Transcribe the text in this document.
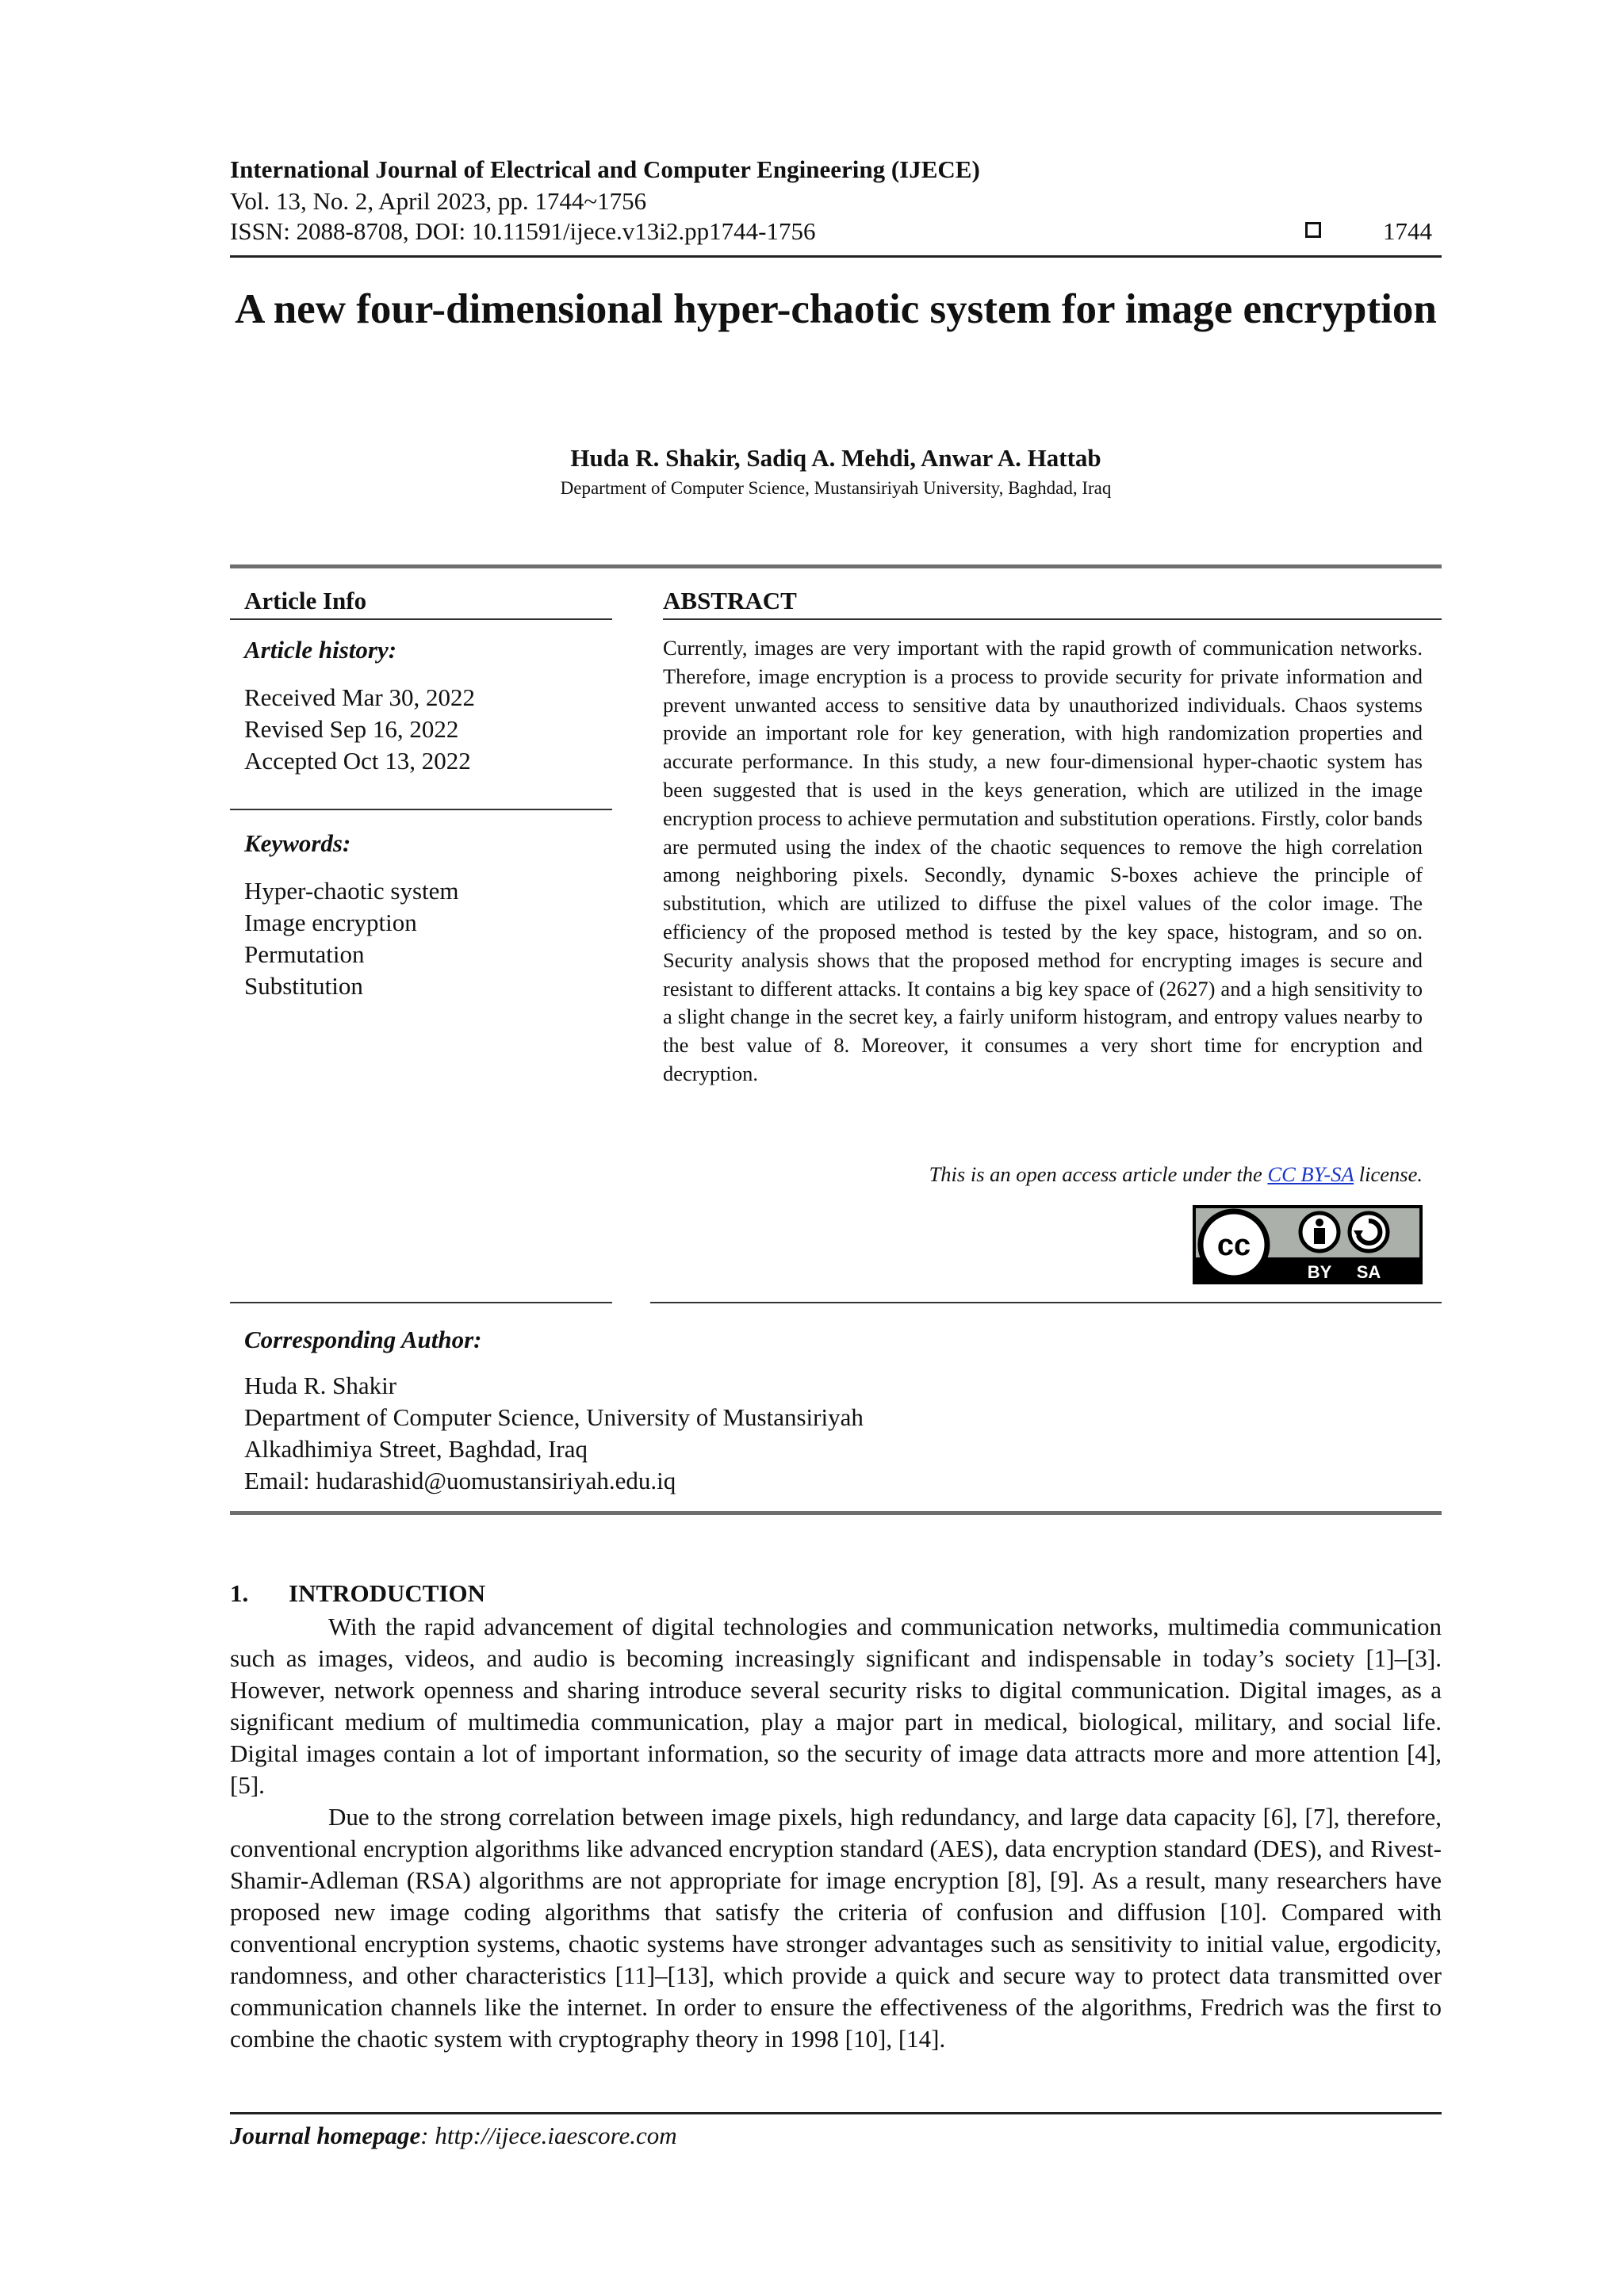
International Journal of Electrical and Computer Engineering (IJECE)
Vol. 13, No. 2, April 2023, pp. 1744~1756
ISSN: 2088-8708, DOI: 10.11591/ijece.v13i2.pp1744-1756	1744
A new four-dimensional hyper-chaotic system for image encryption
Huda R. Shakir, Sadiq A. Mehdi, Anwar A. Hattab
Department of Computer Science, Mustansiriyah University, Baghdad, Iraq
Article Info
Article history:
Received Mar 30, 2022
Revised Sep 16, 2022
Accepted Oct 13, 2022
Keywords:
Hyper-chaotic system
Image encryption
Permutation
Substitution
ABSTRACT
Currently, images are very important with the rapid growth of communication networks. Therefore, image encryption is a process to provide security for private information and prevent unwanted access to sensitive data by unauthorized individuals. Chaos systems provide an important role for key generation, with high randomization properties and accurate performance. In this study, a new four-dimensional hyper-chaotic system has been suggested that is used in the keys generation, which are utilized in the image encryption process to achieve permutation and substitution operations. Firstly, color bands are permuted using the index of the chaotic sequences to remove the high correlation among neighboring pixels. Secondly, dynamic S-boxes achieve the principle of substitution, which are utilized to diffuse the pixel values of the color image. The efficiency of the proposed method is tested by the key space, histogram, and so on. Security analysis shows that the proposed method for encrypting images is secure and resistant to different attacks. It contains a big key space of (2627) and a high sensitivity to a slight change in the secret key, a fairly uniform histogram, and entropy values nearby to the best value of 8. Moreover, it consumes a very short time for encryption and decryption.
This is an open access article under the CC BY-SA license.
cc
BY SA
Corresponding Author:
Huda R. Shakir
Department of Computer Science, University of Mustansiriyah
Alkadhimiya Street, Baghdad, Iraq
Email: hudarashid@uomustansiriyah.edu.iq
1. INTRODUCTION

With the rapid advancement of digital technologies and communication networks, multimedia communication such as images, videos, and audio is becoming increasingly significant and indispensable in today’s society [1]–[3]. However, network openness and sharing introduce several security risks to digital communication. Digital images, as a significant medium of multimedia communication, play a major part in medical, biological, military, and social life. Digital images contain a lot of important information, so the security of image data attracts more and more attention [4], [5].

Due to the strong correlation between image pixels, high redundancy, and large data capacity [6], [7], therefore, conventional encryption algorithms like advanced encryption standard (AES), data encryption standard (DES), and Rivest-Shamir-Adleman (RSA) algorithms are not appropriate for image encryption [8], [9]. As a result, many researchers have proposed new image coding algorithms that satisfy the criteria of confusion and diffusion [10]. Compared with conventional encryption systems, chaotic systems have stronger advantages such as sensitivity to initial value, ergodicity, randomness, and other characteristics [11]–[13], which provide a quick and secure way to protect data transmitted over communication channels like the internet. In order to ensure the effectiveness of the algorithms, Fredrich was the first to combine the chaotic system with cryptography theory in 1998 [10], [14].

Journal homepage: http://ijece.iaescore.com
